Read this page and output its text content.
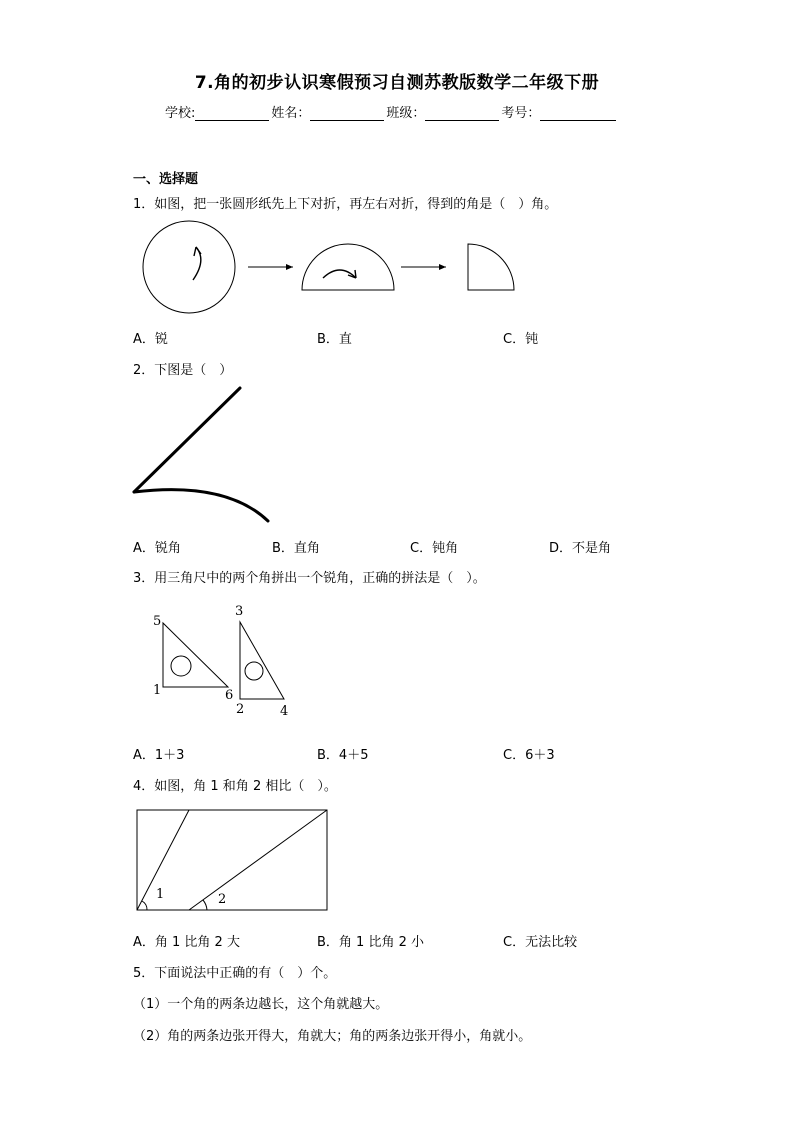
7.角的初步认识寒假预习自测苏教版数学二年级下册
学校:	姓名：	班级：	考号：
一、选择题
1．如图，把一张圆形纸先上下对折，再左右对折，得到的角是（　）角。
A．锐	B．直	C．钝
2．下图是（　）
A．锐角	B．直角	C．钝角	D．不是角
3．用三角尺中的两个角拼出一个锐角，正确的拼法是（　）。
5
1	6
3
2	4
A．1＋3	B．4＋5	C．6＋3
4．如图，角 1 和角 2 相比（　）。
1	2
A．角 1 比角 2 大	B．角 1 比角 2 小	C．无法比较
5．下面说法中正确的有（　）个。
（1）一个角的两条边越长，这个角就越大。
（2）角的两条边张开得大，角就大；角的两条边张开得小，角就小。
